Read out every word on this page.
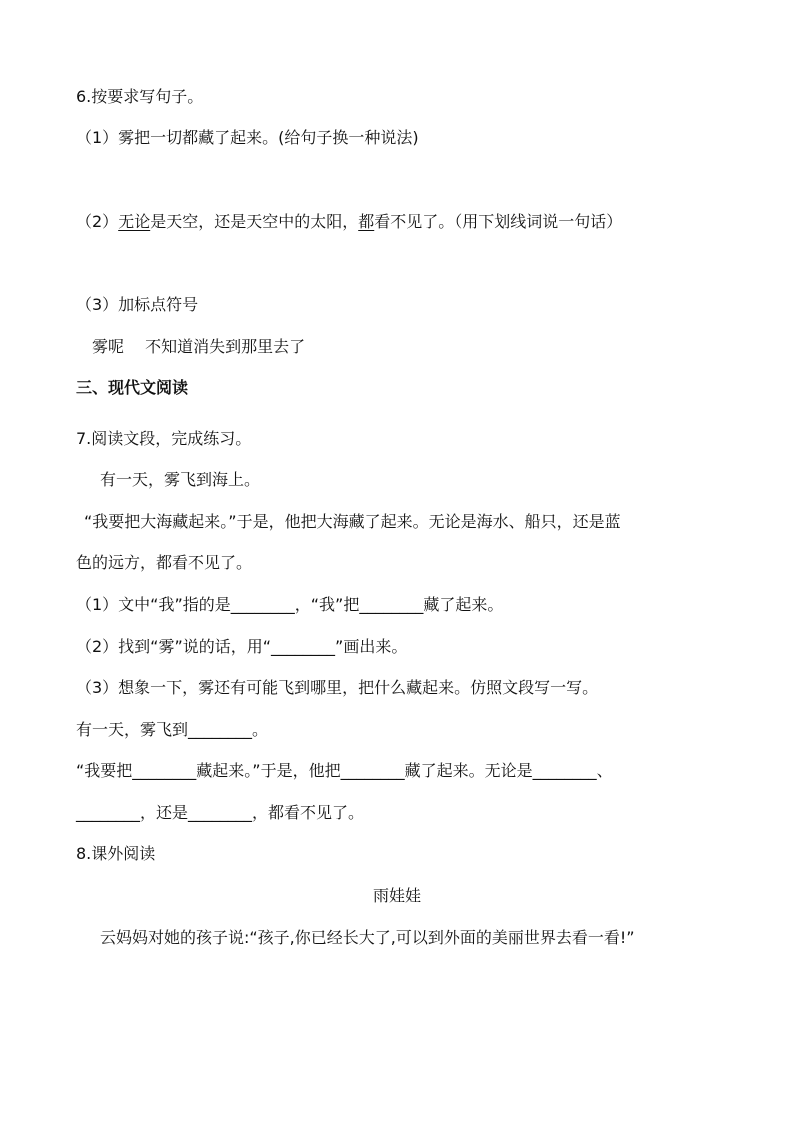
6.按要求写句子。
（1）雾把一切都藏了起来。(给句子换一种说法)
（2）无论是天空，还是天空中的太阳，都看不见了。（用下划线词说一句话）
（3）加标点符号
雾呢　 不知道消失到那里去了
三、现代文阅读
7.阅读文段，完成练习。
有一天，雾飞到海上。
“我要把大海藏起来。”于是，他把大海藏了起来。无论是海水、船只，还是蓝
色的远方，都看不见了。
（1）文中“我”指的是________，“我”把________藏了起来。
（2）找到“雾”说的话，用“________”画出来。
（3）想象一下，雾还有可能飞到哪里，把什么藏起来。仿照文段写一写。
有一天，雾飞到________。
“我要把________藏起来。”于是，他把________藏了起来。无论是________、
________，还是________，都看不见了。
8.课外阅读
雨娃娃
云妈妈对她的孩子说:“孩子,你已经长大了,可以到外面的美丽世界去看一看!”
